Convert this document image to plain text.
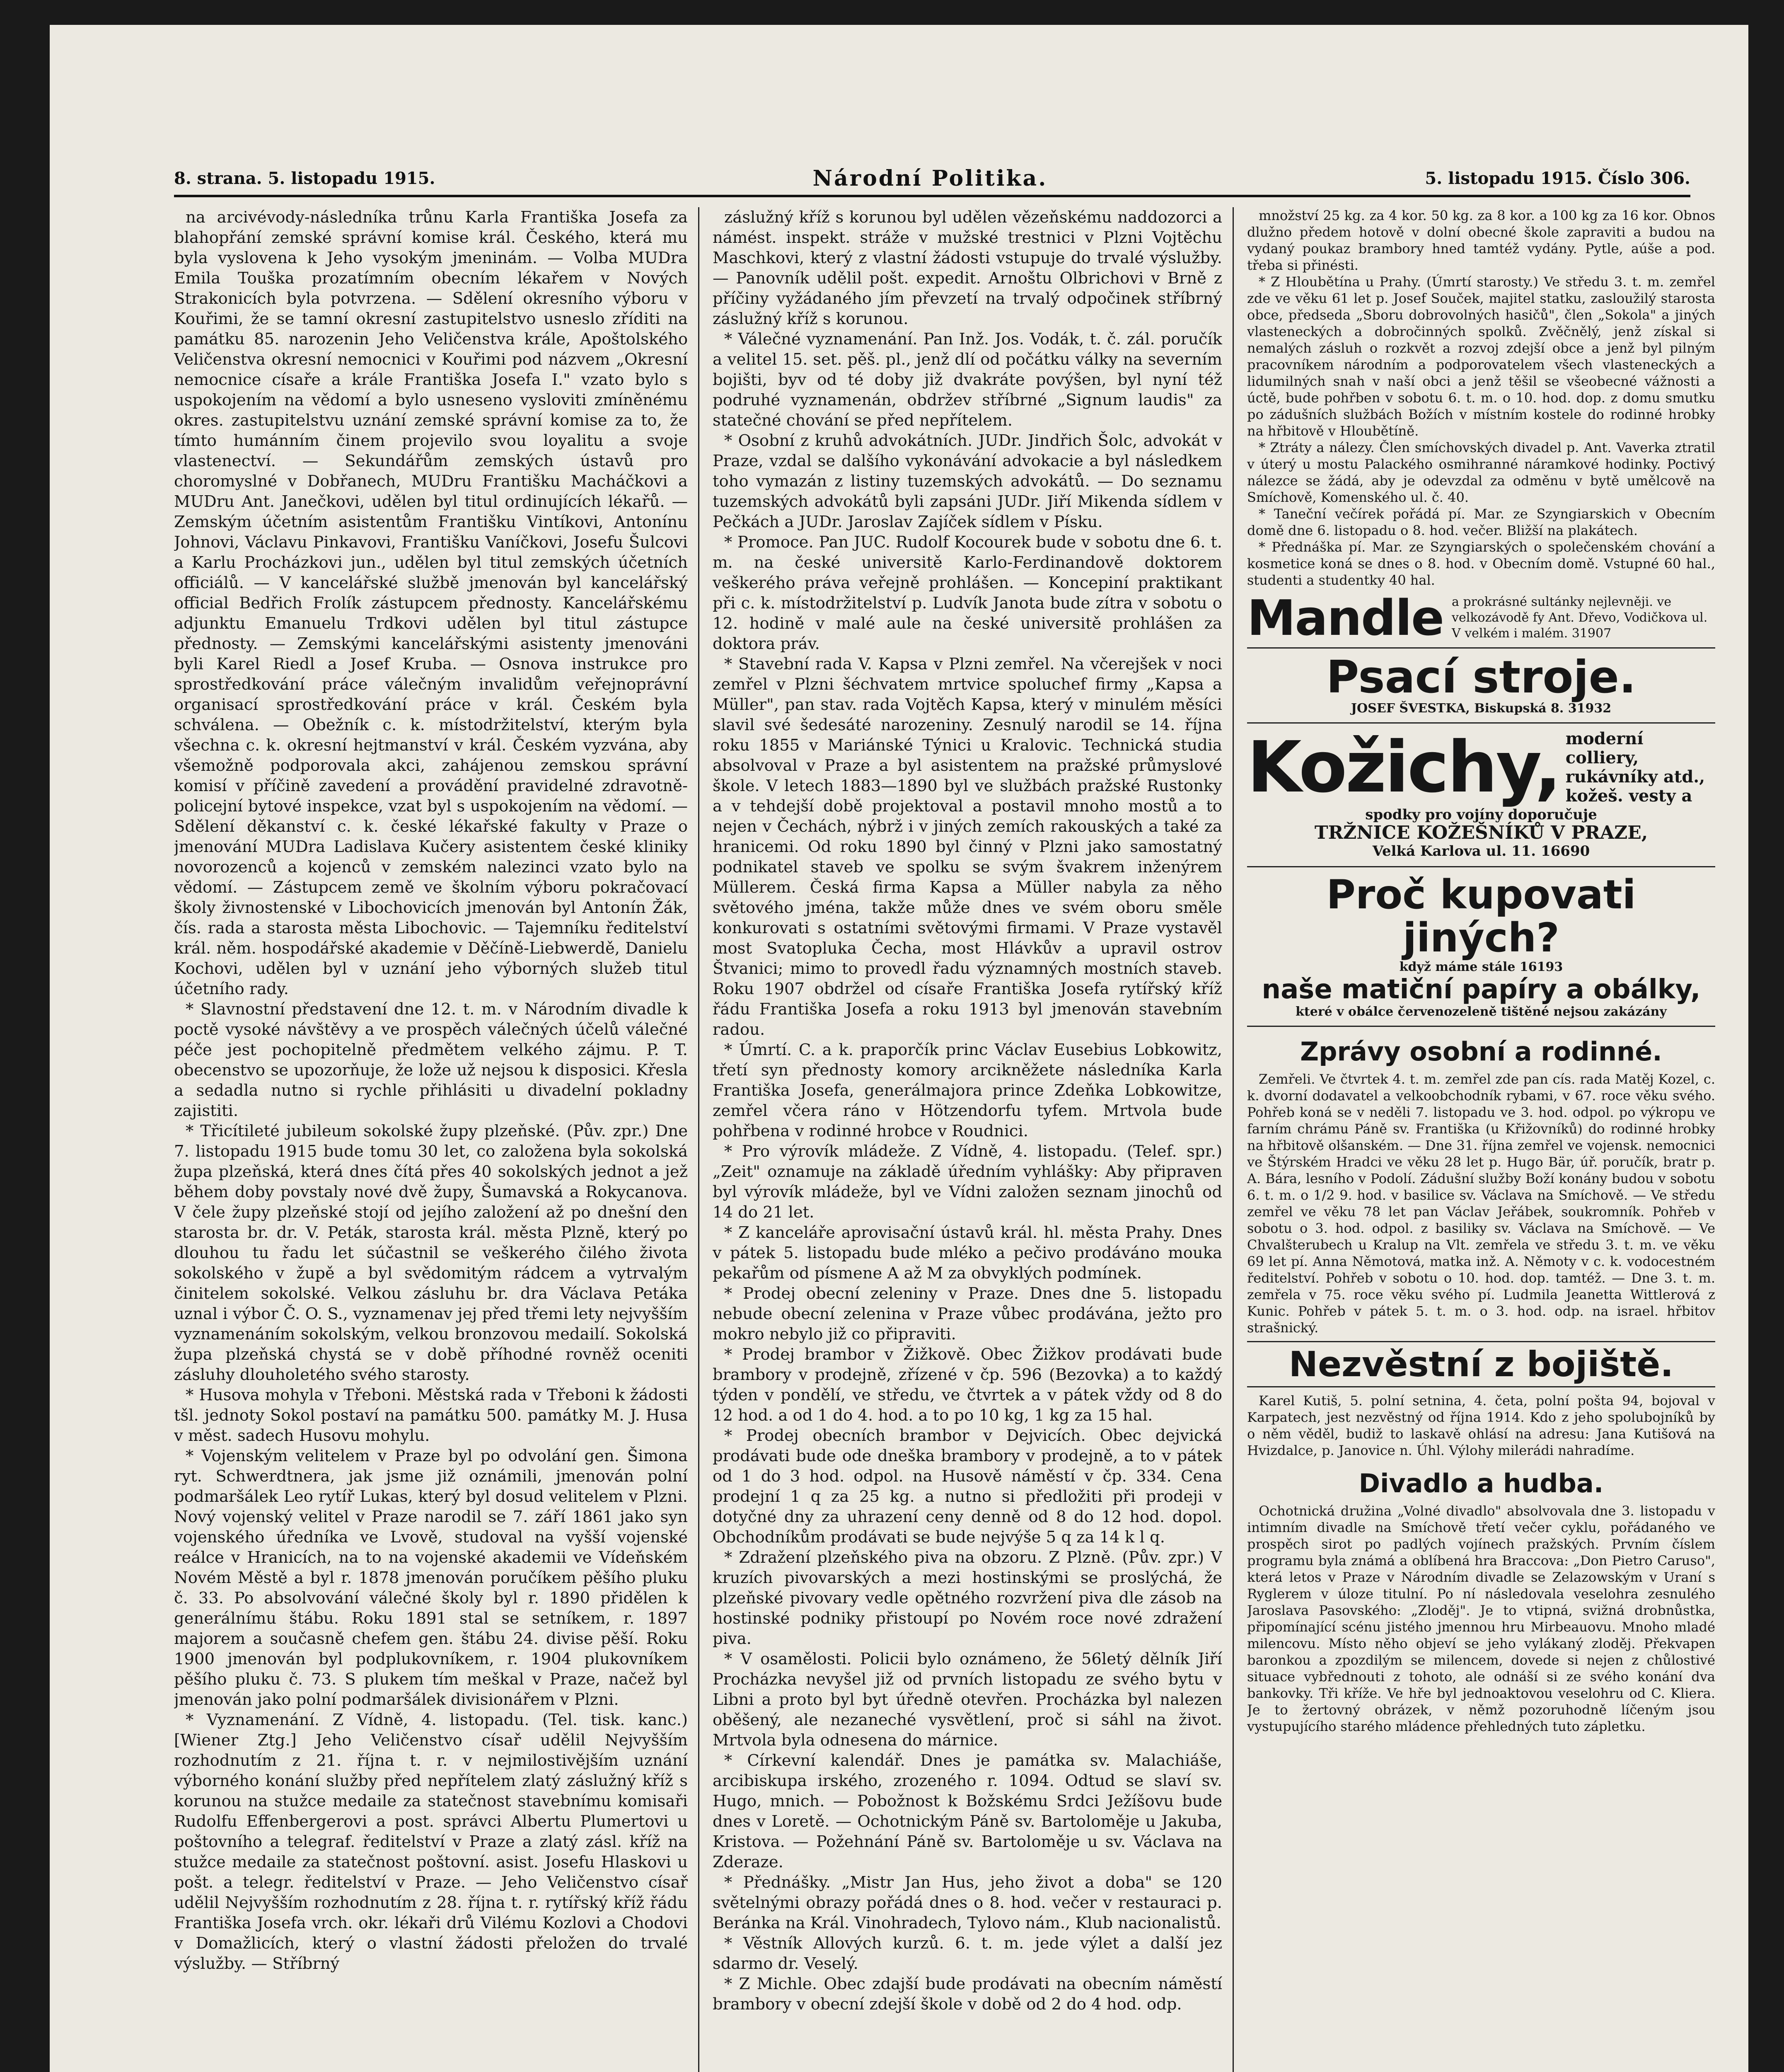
8. strana. 5. listopadu 1915.	Národní Politika.	5. listopadu 1915. Číslo 306.

na arcivévody-následníka trůnu Karla Františka Josefa za blahopřání zemské správní komise král. Českého, která mu byla vyslovena k Jeho vysokým jmeninám. — Volba MUDra Emila Touška prozatímním obecním lékařem v Nových Strakonicích byla potvrzena. — Sdělení okresního výboru v Kouřimi, že se tamní okresní zastupitelstvo usneslo zříditi na památku 85. narozenin Jeho Veličenstva krále, Apoštolského Veličenstva okresní nemocnici v Kouřimi pod názvem „Okresní nemocnice císaře a krále Františka Josefa I." vzato bylo s uspokojením na vědomí a bylo usneseno vysloviti zmíněnému okres. zastupitelstvu uznání zemské správní komise za to, že tímto humánním činem projevilo svou loyalitu a svoje vlastenectví. — Sekundářům zemských ústavů pro choromyslné v Dobřanech, MUDru Františku Macháčkovi a MUDru Ant. Janečkovi, udělen byl titul ordinujících lékařů. — Zemským účetním asistentům Františku Vintíkovi, Antonínu Johnovi, Václavu Pinkavovi, Františku Vaníčkovi, Josefu Šulcovi a Karlu Procházkovi jun., udělen byl titul zemských účetních officiálů. — V kancelářské službě jmenován byl kancelářský official Bedřich Frolík zástupcem přednosty. Kancelářskému adjunktu Emanuelu Trdkovi udělen byl titul zástupce přednosty. — Zemskými kancelářskými asistenty jmenováni byli Karel Riedl a Josef Kruba. — Osnova instrukce pro sprostředkování práce válečným invalidům veřejnoprávní organisací sprostředkování práce v král. Českém byla schválena. — Obežník c. k. místodržitelství, kterým byla všechna c. k. okresní hejtmanství v král. Českém vyzvána, aby všemožně podporovala akci, zahájenou zemskou správní komisí v příčině zavedení a provádění pravidelné zdravotně-policejní bytové inspekce, vzat byl s uspokojením na vědomí. — Sdělení děkanství c. k. české lékařské fakulty v Praze o jmenování MUDra Ladislava Kučery asistentem české kliniky novorozenců a kojenců v zemském nalezinci vzato bylo na vědomí. — Zástupcem země ve školním výboru pokračovací školy živnostenské v Libochovicích jmenován byl Antonín Žák, čís. rada a starosta města Libochovic. — Tajemníku ředitelství král. něm. hospodářské akademie v Děčíně-Liebwerdě, Danielu Kochovi, udělen byl v uznání jeho výborných služeb titul účetního rady.

* Slavnostní představení dne 12. t. m. v Národním divadle k poctě vysoké návštěvy a ve prospěch válečných účelů válečné péče jest pochopitelně předmětem velkého zájmu. P. T. obecenstvo se upozorňuje, že lože už nejsou k disposici. Křesla a sedadla nutno si rychle přihlásiti u divadelní pokladny zajistiti.

* Třicítileté jubileum sokolské župy plzeňské. (Pův. zpr.) Dne 7. listopadu 1915 bude tomu 30 let, co založena byla sokolská župa plzeňská, která dnes čítá přes 40 sokolských jednot a jež během doby povstaly nové dvě župy, Šumavská a Rokycanova. V čele župy plzeňské stojí od jejího založení až po dnešní den starosta br. dr. V. Peták, starosta král. města Plzně, který po dlouhou tu řadu let súčastnil se veškerého čilého života sokolského v župě a byl svědomitým rádcem a vytrvalým činitelem sokolské. Velkou zásluhu br. dra Václava Petáka uznal i výbor Č. O. S., vyznamenav jej před třemi lety nejvyšším vyznamenáním sokolským, velkou bronzovou medailí. Sokolská župa plzeňská chystá se v době příhodné rovněž oceniti zásluhy dlouholetého svého starosty.

* Husova mohyla v Třeboni. Městská rada v Třeboni k žádosti tšl. jednoty Sokol postaví na památku 500. památky M. J. Husa v měst. sadech Husovu mohylu.

* Vojenským velitelem v Praze byl po odvolání gen. Šimona ryt. Schwerdtnera, jak jsme již oznámili, jmenován polní podmaršálek Leo rytíř Lukas, který byl dosud velitelem v Plzni. Nový vojenský velitel v Praze narodil se 7. září 1861 jako syn vojenského úředníka ve Lvově, studoval na vyšší vojenské reálce v Hranicích, na to na vojenské akademii ve Vídeňském Novém Městě a byl r. 1878 jmenován poručíkem pěšího pluku č. 33. Po absolvování válečné školy byl r. 1890 přidělen k generálnímu štábu. Roku 1891 stal se setníkem, r. 1897 majorem a současně chefem gen. štábu 24. divise pěší. Roku 1900 jmenován byl podplukovníkem, r. 1904 plukovníkem pěšího pluku č. 73. S plukem tím meškal v Praze, načež byl jmenován jako polní podmaršálek divisionářem v Plzni.

* Vyznamenání. Z Vídně, 4. listopadu. (Tel. tisk. kanc.) [Wiener Ztg.] Jeho Veličenstvo císař udělil Nejvyšším rozhodnutím z 21. října t. r. v nejmilostivějším uznání výborného konání služby před nepřítelem zlatý záslužný kříž s korunou na stužce medaile za statečnost stavebnímu komisaři Rudolfu Effenbergerovi a post. správci Albertu Plumertovi u poštovního a telegraf. ředitelství v Praze a zlatý zásl. kříž na stužce medaile za statečnost poštovní. asist. Josefu Hlaskovi u pošt. a telegr. ředitelství v Praze. — Jeho Veličenstvo císař udělil Nejvyšším rozhodnutím z 28. října t. r. rytířský kříž řádu Františka Josefa vrch. okr. lékaři drů Vilému Kozlovi a Chodovi v Domažlicích, který o vlastní žádosti přeložen do trvalé výslužby. — Stříbrný

záslužný kříž s korunou byl udělen vězeňskému naddozorci a námést. inspekt. stráže v mužské trestnici v Plzni Vojtěchu Maschkovi, který z vlastní žádosti vstupuje do trvalé výslužby. — Panovník udělil pošt. expedit. Arnoštu Olbrichovi v Brně z příčiny vyžádaného jím převzetí na trvalý odpočinek stříbrný záslužný kříž s korunou.

* Válečné vyznamenání. Pan Inž. Jos. Vodák, t. č. zál. poručík a velitel 15. set. pěš. pl., jenž dlí od počátku války na severním bojišti, byv od té doby již dvakráte povýšen, byl nyní též podruhé vyznamenán, obdržev stříbrné „Signum laudis" za statečné chování se před nepřítelem.

* Osobní z kruhů advokátních. JUDr. Jindřich Šolc, advokát v Praze, vzdal se dalšího vykonávání advokacie a byl následkem toho vymazán z listiny tuzemských advokátů. — Do seznamu tuzemských advokátů byli zapsáni JUDr. Jiří Mikenda sídlem v Pečkách a JUDr. Jaroslav Zajíček sídlem v Písku.

* Promoce. Pan JUC. Rudolf Kocourek bude v sobotu dne 6. t. m. na české universitě Karlo-Ferdinandově doktorem veškerého práva veřejně prohlášen. — Koncepiní praktikant při c. k. místodržitelství p. Ludvík Janota bude zítra v sobotu o 12. hodině v malé aule na české universitě prohlášen za doktora práv.

* Stavební rada V. Kapsa v Plzni zemřel. Na včerejšek v noci zemřel v Plzni šéchvatem mrtvice spoluchef firmy „Kapsa a Müller", pan stav. rada Vojtěch Kapsa, který v minulém měsíci slavil své šedesáté narozeniny. Zesnulý narodil se 14. října roku 1855 v Mariánské Týnici u Kralovic. Technická studia absolvoval v Praze a byl asistentem na pražské průmyslové škole. V letech 1883—1890 byl ve službách pražské Rustonky a v tehdejší době projektoval a postavil mnoho mostů a to nejen v Čechách, nýbrž i v jiných zemích rakouských a také za hranicemi. Od roku 1890 byl činný v Plzni jako samostatný podnikatel staveb ve spolku se svým švakrem inženýrem Müllerem. Česká firma Kapsa a Müller nabyla za něho světového jména, takže může dnes ve svém oboru směle konkurovati s ostatními světovými firmami. V Praze vystavěl most Svatopluka Čecha, most Hlávkův a upravil ostrov Štvanici; mimo to provedl řadu významných mostních staveb. Roku 1907 obdržel od císaře Františka Josefa rytířský kříž řádu Františka Josefa a roku 1913 byl jmenován stavebním radou.

* Úmrtí. C. a k. praporčík princ Václav Eusebius Lobkowitz, třetí syn přednosty komory arcikněžete následníka Karla Františka Josefa, generálmajora prince Zdeňka Lobkowitze, zemřel včera ráno v Hötzendorfu tyfem. Mrtvola bude pohřbena v rodinné hrobce v Roudnici.

* Pro výrovík mládeže. Z Vídně, 4. listopadu. (Telef. spr.) „Zeit" oznamuje na základě úředním vyhlášky: Aby připraven byl výrovík mládeže, byl ve Vídni založen seznam jinochů od 14 do 21 let.

* Z kanceláře aprovisační ústavů král. hl. města Prahy. Dnes v pátek 5. listopadu bude mléko a pečivo prodáváno mouka pekařům od písmene A až M za obvyklých podmínek.

* Prodej obecní zeleniny v Praze. Dnes dne 5. listopadu nebude obecní zelenina v Praze vůbec prodávána, ježto pro mokro nebylo již co připraviti.

* Prodej brambor v Žižkově. Obec Žižkov prodávati bude brambory v prodejně, zřízené v čp. 596 (Bezovka) a to každý týden v pondělí, ve středu, ve čtvrtek a v pátek vždy od 8 do 12 hod. a od 1 do 4. hod. a to po 10 kg, 1 kg za 15 hal.

* Prodej obecních brambor v Dejvicích. Obec dejvická prodávati bude ode dneška brambory v prodejně, a to v pátek od 1 do 3 hod. odpol. na Husově náměstí v čp. 334. Cena prodejní 1 q za 25 kg. a nutno si předložiti při prodeji v dotyčné dny za uhrazení ceny denně od 8 do 12 hod. dopol. Obchodníkům prodávati se bude nejvýše 5 q za 14 k l q.

* Zdražení plzeňského piva na obzoru. Z Plzně. (Pův. zpr.) V kruzích pivovarských a mezi hostinskými se proslýchá, že plzeňské pivovary vedle opětného rozvržení piva dle zásob na hostinské podniky přistoupí po Novém roce nové zdražení piva.

* V osamělosti. Policii bylo oznámeno, že 56letý dělník Jiří Procházka nevyšel již od prvních listopadu ze svého bytu v Libni a proto byl byt úředně otevřen. Procházka byl nalezen oběšený, ale nezaneché vysvětlení, proč si sáhl na život. Mrtvola byla odnesena do márnice.

* Církevní kalendář. Dnes je památka sv. Malachiáše, arcibiskupa irského, zrozeného r. 1094. Odtud se slaví sv. Hugo, mnich. — Pobožnost k Božskému Srdci Ježíšovu bude dnes v Loretě. — Ochotnickým Páně sv. Bartoloměje u Jakuba, Kristova. — Požehnání Páně sv. Bartoloměje u sv. Václava na Zderaze.

* Přednášky. „Mistr Jan Hus, jeho život a doba" se 120 světelnými obrazy pořádá dnes o 8. hod. večer v restauraci p. Beránka na Král. Vinohradech, Tylovo nám., Klub nacionalistů.

* Věstník Allových kurzů. 6. t. m. jede výlet a další jez sdarmo dr. Veselý.

* Z Michle. Obec zdajší bude prodávati na obecním náměstí brambory v obecní zdejší škole v době od 2 do 4 hod. odp.

množství 25 kg. za 4 kor. 50 kg. za 8 kor. a 100 kg za 16 kor. Obnos dlužno předem hotově v dolní obecné škole zapraviti a budou na vydaný poukaz brambory hned tamtéž vydány. Pytle, aúše a pod. třeba si přinésti.

* Z Hloubětína u Prahy. (Úmrtí starosty.) Ve středu 3. t. m. zemřel zde ve věku 61 let p. Josef Souček, majitel statku, zasloužilý starosta obce, předseda „Sboru dobrovolných hasičů", člen „Sokola" a jiných vlasteneckých a dobročinných spolků. Zvěčnělý, jenž získal si nemalých zásluh o rozkvět a rozvoj zdejší obce a jenž byl pilným pracovníkem národním a podporovatelem všech vlasteneckých a lidumilných snah v naší obci a jenž těšil se všeobecné vážnosti a úctě, bude pohřben v sobotu 6. t. m. o 10. hod. dop. z domu smutku po zádušních službách Božích v místním kostele do rodinné hrobky na hřbitově v Hloubětíně.

* Ztráty a nálezy. Člen smíchovských divadel p. Ant. Vaverka ztratil v úterý u mostu Palackého osmihranné náramkové hodinky. Poctivý nálezce se žádá, aby je odevzdal za odměnu v bytě umělcově na Smíchově, Komenského ul. č. 40.

* Taneční večírek pořádá pí. Mar. ze Szyngiarskich v Obecním domě dne 6. listopadu o 8. hod. večer. Bližší na plakátech.

* Přednáška pí. Mar. ze Szyngiarských o společenském chování a kosmetice koná se dnes o 8. hod. v Obecním domě. Vstupné 60 hal., studenti a studentky 40 hal.

Mandle a prokrásné sultánky nejlevněji. ve velkozávodě fy Ant. Dřevo, Vodičkova ul. V velkém i malém. 31907
Psací stroje.
JOSEF ŠVESTKA, Biskupská 8. 31932
Kožichy, moderní colliery, rukávníky atd., kožeš. vesty a
spodky pro vojíny doporučuje
TRŽNICE KOŽEŠNÍKŮ V PRAZE,
Velká Karlova ul. 11. 16690
Proč kupovati jiných?
když máme stále 16193
naše matiční papíry a obálky,
které v obálce červenozeleně tištěné nejsou zakázány
Zprávy osobní a rodinné.

Zemřeli. Ve čtvrtek 4. t. m. zemřel zde pan cís. rada Matěj Kozel, c. k. dvorní dodavatel a velkoobchodník rybami, v 67. roce věku svého. Pohřeb koná se v neděli 7. listopadu ve 3. hod. odpol. po výkropu ve farním chrámu Páně sv. Františka (u Křižovníků) do rodinné hrobky na hřbitově olšanském. — Dne 31. října zemřel ve vojensk. nemocnici ve Štýrském Hradci ve věku 28 let p. Hugo Bär, úř. poručík, bratr p. A. Bára, lesního v Podolí. Zádušní služby Boží konány budou v sobotu 6. t. m. o 1/2 9. hod. v basilice sv. Václava na Smíchově. — Ve středu zemřel ve věku 78 let pan Václav Jeřábek, soukromník. Pohřeb v sobotu o 3. hod. odpol. z basiliky sv. Václava na Smíchově. — Ve Chvalšterubech u Kralup na Vlt. zemřela ve středu 3. t. m. ve věku 69 let pí. Anna Němotová, matka inž. A. Němoty v c. k. vodocestném ředitelství. Pohřeb v sobotu o 10. hod. dop. tamtéž. — Dne 3. t. m. zemřela v 75. roce věku svého pí. Ludmila Jeanetta Wittlerová z Kunic. Pohřeb v pátek 5. t. m. o 3. hod. odp. na israel. hřbitov strašnický.

Nezvěstní z bojiště.

Karel Kutiš, 5. polní setnina, 4. četa, polní pošta 94, bojoval v Karpatech, jest nezvěstný od října 1914. Kdo z jeho spolubojníků by o něm věděl, budiž to laskavě ohlásí na adresu: Jana Kutišová na Hvizdalce, p. Janovice n. Úhl. Výlohy milerádi nahradíme.

Divadlo a hudba.

Ochotnická družina „Volné divadlo" absolvovala dne 3. listopadu v intimním divadle na Smíchově třetí večer cyklu, pořádaného ve prospěch sirot po padlých vojínech pražských. Prvním číslem programu byla známá a oblíbená hra Braccova: „Don Pietro Caruso", která letos v Praze v Národním divadle se Zelazowským v Uraní s Ryglerem v úloze titulní. Po ní následovala veselohra zesnulého Jaroslava Pasovského: „Zloděj". Je to vtipná, svižná drobnůstka, připomínající scénu jistého jmennou hru Mirbeauovu. Mnoho mladé milencovu. Místo něho objeví se jeho vylákaný zloděj. Překvapen baronkou a zpozdilým se milencem, dovede si nejen z chůlostivé situace vybřednouti z tohoto, ale odnáší si ze svého konání dva bankovky. Tři kříže. Ve hře byl jednoaktovou veselohru od C. Kliera. Je to žertovný obrázek, v němž pozoruhodně líčeným jsou vystupujícího starého mládence přehledných tuto zápletku.
